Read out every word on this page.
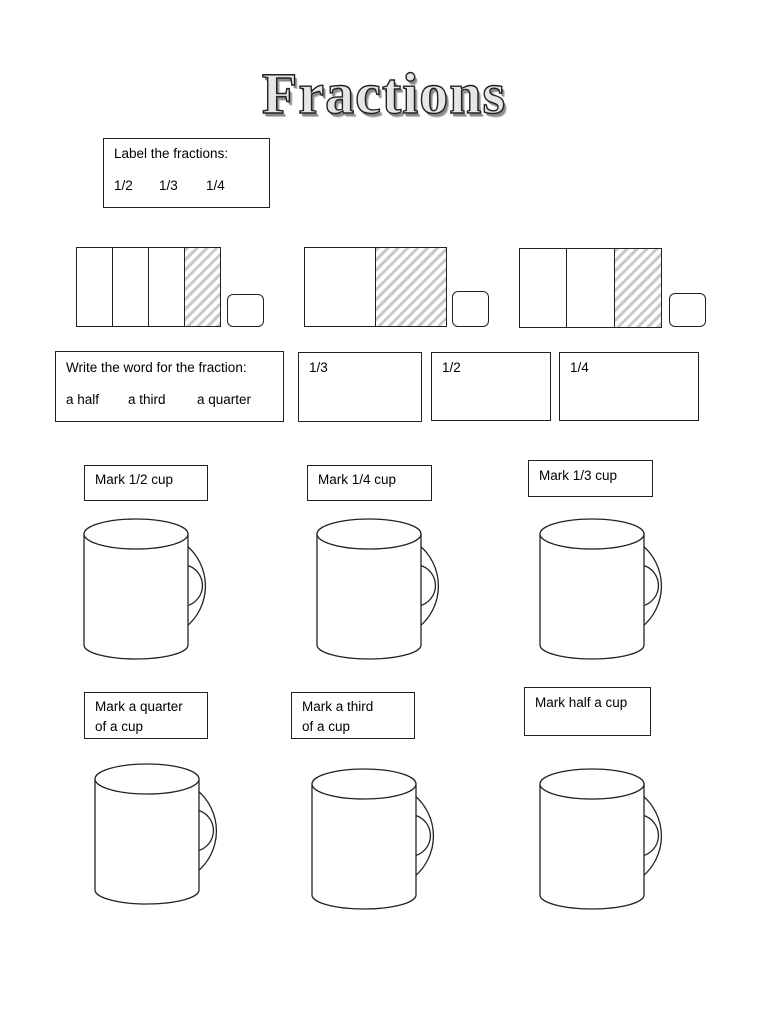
Fractions
Label the fractions:
1/2 1/3 1/4
Write the word for the fraction:
a half a third a quarter
1/3	1/2	1/4
Mark 1/2 cup	Mark 1/4 cup	Mark 1/3 cup
Mark a quarter
of a cup
Mark a third
of a cup
Mark half a cup
